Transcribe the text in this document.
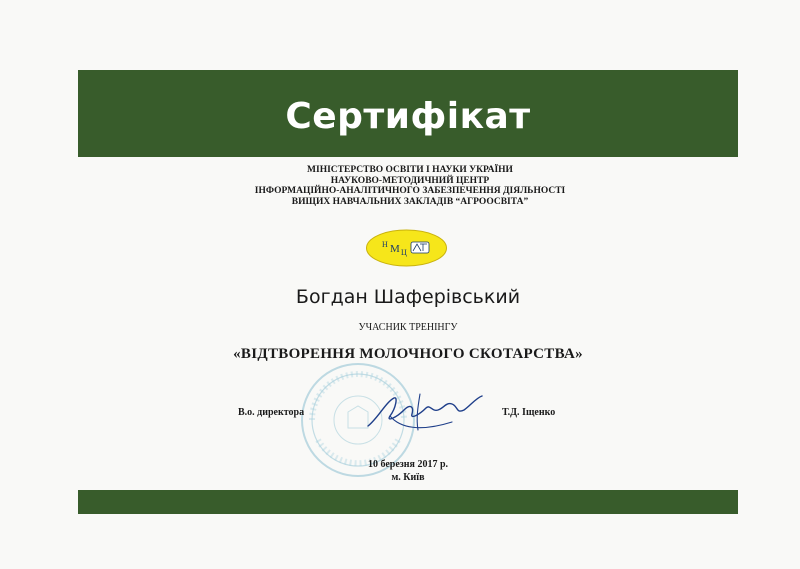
Сертифікат
МІНІСТЕРСТВО ОСВІТИ І НАУКИ УКРАЇНИ
НАУКОВО-МЕТОДИЧНИЙ ЦЕНТР
ІНФОРМАЦІЙНО-АНАЛІТИЧНОГО ЗАБЕЗПЕЧЕННЯ ДІЯЛЬНОСТІ
ВИЩИХ НАВЧАЛЬНИХ ЗАКЛАДІВ “АГРООСВІТА”
Н М Ц
Богдан Шаферівський
УЧАСНИК ТРЕНІНГУ
«ВІДТВОРЕННЯ МОЛОЧНОГО СКОТАРСТВА»
В.о. директора	Т.Д. Іщенко
10 березня 2017 р.
м. Київ
